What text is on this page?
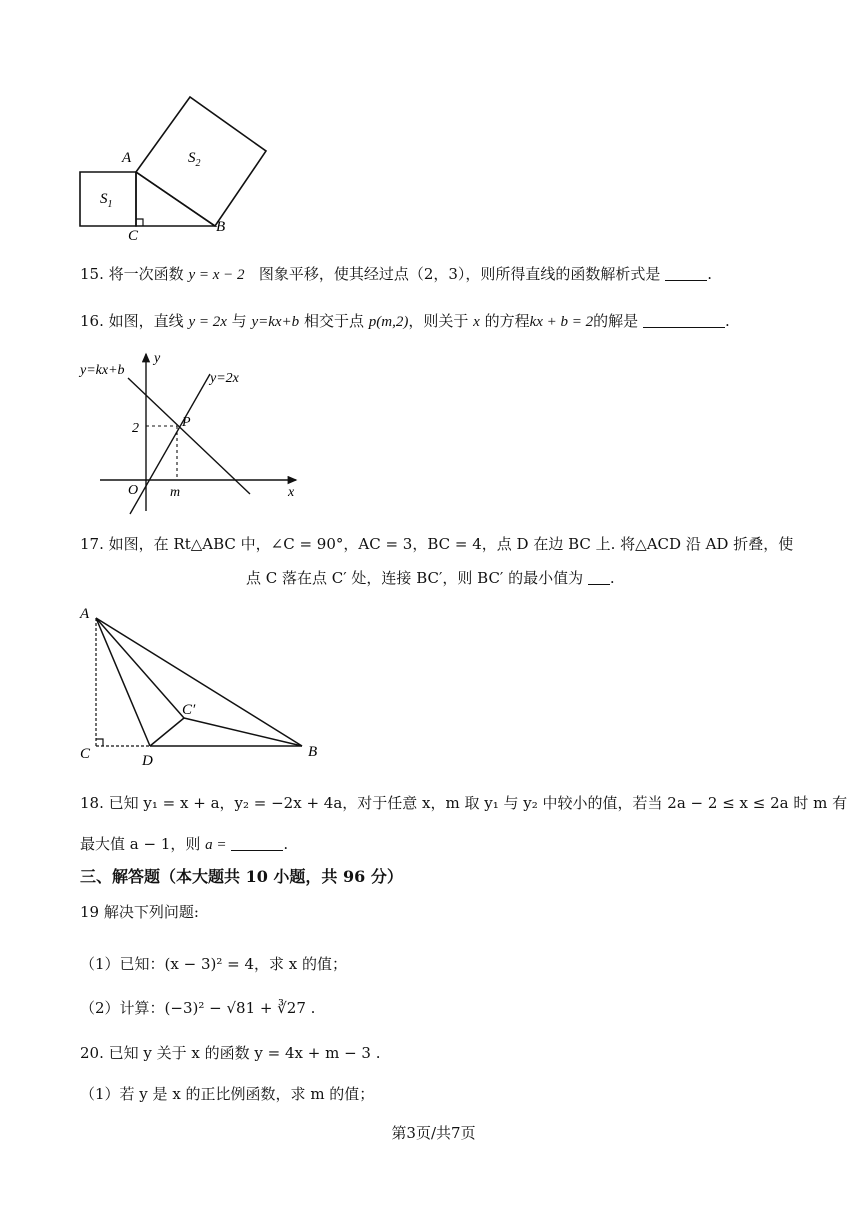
A
C
B
$S_1$
$S_2$
15. 将一次函数 y = x − 2 图象平移，使其经过点（2，3），则所得直线的函数解析式是	.
16. 如图，直线 y = 2x 与 y=kx+b 相交于点 p(m,2)，则关于 x 的方程kx + b = 2的解是	.
y=kx+b
y=2x
y
x
O
P
m
2
17. 如图，在 Rt△ABC 中，∠C = 90°，AC = 3，BC = 4，点 D 在边 BC 上. 将△ACD 沿 AD 折叠，使
点 C 落在点 C′ 处，连接 BC′，则 BC′ 的最小值为 .
A
C	D
B
C′
18. 已知 y₁ = x + a，y₂ = −2x + 4a，对于任意 x，m 取 y₁ 与 y₂ 中较小的值，若当 2a − 2 ≤ x ≤ 2a 时 m 有
最大值 a − 1，则 a =	.
三、解答题（本大题共 10 小题，共 96 分）
19 解决下列问题:
（1）已知：(x − 3)² = 4，求 x 的值；
（2）计算：(−3)² − √81 + ∛27 .
20. 已知 y 关于 x 的函数 y = 4x + m − 3 .
（1）若 y 是 x 的正比例函数，求 m 的值；
第3页/共7页
